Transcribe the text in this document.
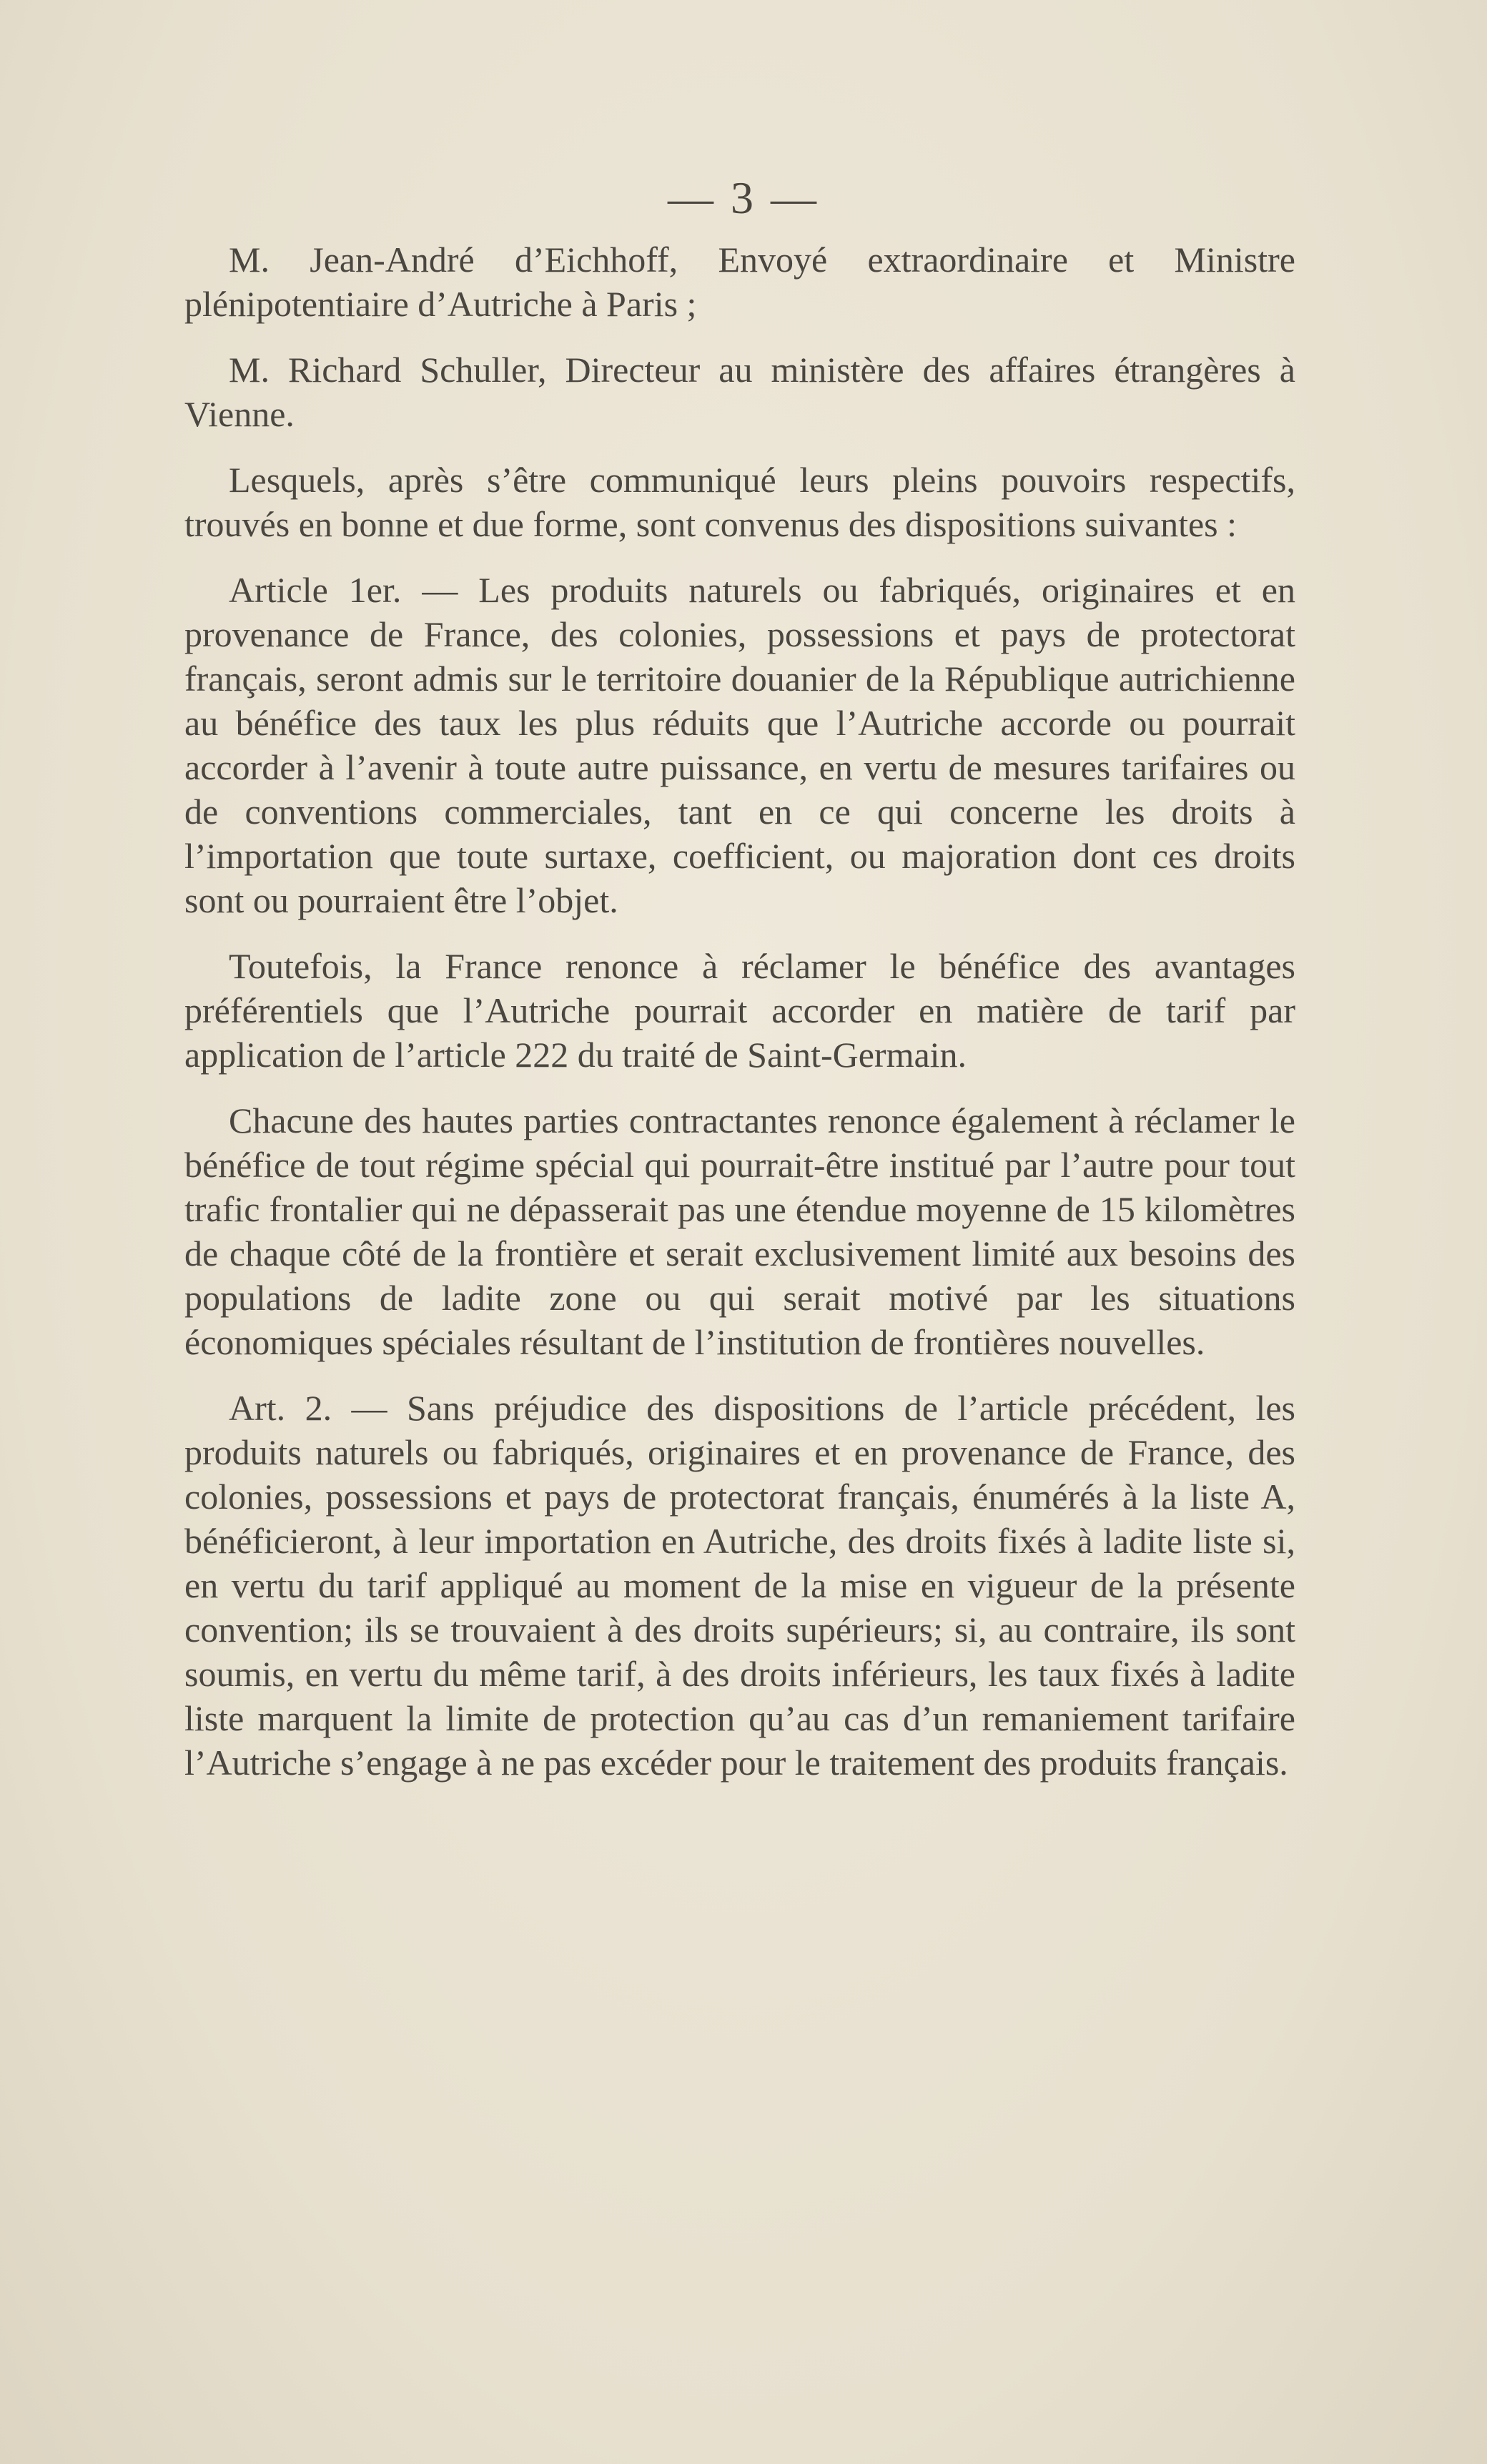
— 3 —

M. Jean-André d’Eichhoff, Envoyé extraordinaire et Ministre plénipotentiaire d’Autriche à Paris ;

M. Richard Schuller, Directeur au ministère des affaires étrangères à Vienne.

Lesquels, après s’être communiqué leurs pleins pouvoirs respectifs, trouvés en bonne et due forme, sont convenus des dispositions suivantes :

Article 1er. — Les produits naturels ou fabriqués, originaires et en provenance de France, des colonies, possessions et pays de protectorat français, seront admis sur le territoire douanier de la République autrichienne au bénéfice des taux les plus réduits que l’Autriche accorde ou pourrait accorder à l’avenir à toute autre puissance, en vertu de mesures tarifaires ou de conventions commerciales, tant en ce qui concerne les droits à l’importation que toute surtaxe, coefficient, ou majoration dont ces droits sont ou pourraient être l’objet.

Toutefois, la France renonce à réclamer le bénéfice des avantages préférentiels que l’Autriche pourrait accorder en matière de tarif par application de l’article 222 du traité de Saint-Germain.

Chacune des hautes parties contractantes renonce également à réclamer le bénéfice de tout régime spécial qui pourrait-être institué par l’autre pour tout trafic frontalier qui ne dépasserait pas une étendue moyenne de 15 kilomètres de chaque côté de la frontière et serait exclusivement limité aux besoins des populations de ladite zone ou qui serait motivé par les situations économiques spéciales résultant de l’institution de frontières nouvelles.

Art. 2. — Sans préjudice des dispositions de l’article précédent, les produits naturels ou fabriqués, originaires et en provenance de France, des colonies, possessions et pays de protectorat français, énumérés à la liste A, bénéficieront, à leur importation en Autriche, des droits fixés à ladite liste si, en vertu du tarif appliqué au moment de la mise en vigueur de la présente convention; ils se trouvaient à des droits supérieurs; si, au contraire, ils sont soumis, en vertu du même tarif, à des droits inférieurs, les taux fixés à ladite liste marquent la limite de protection qu’au cas d’un remaniement tarifaire l’Autriche s’engage à ne pas excéder pour le traitement des produits français.
